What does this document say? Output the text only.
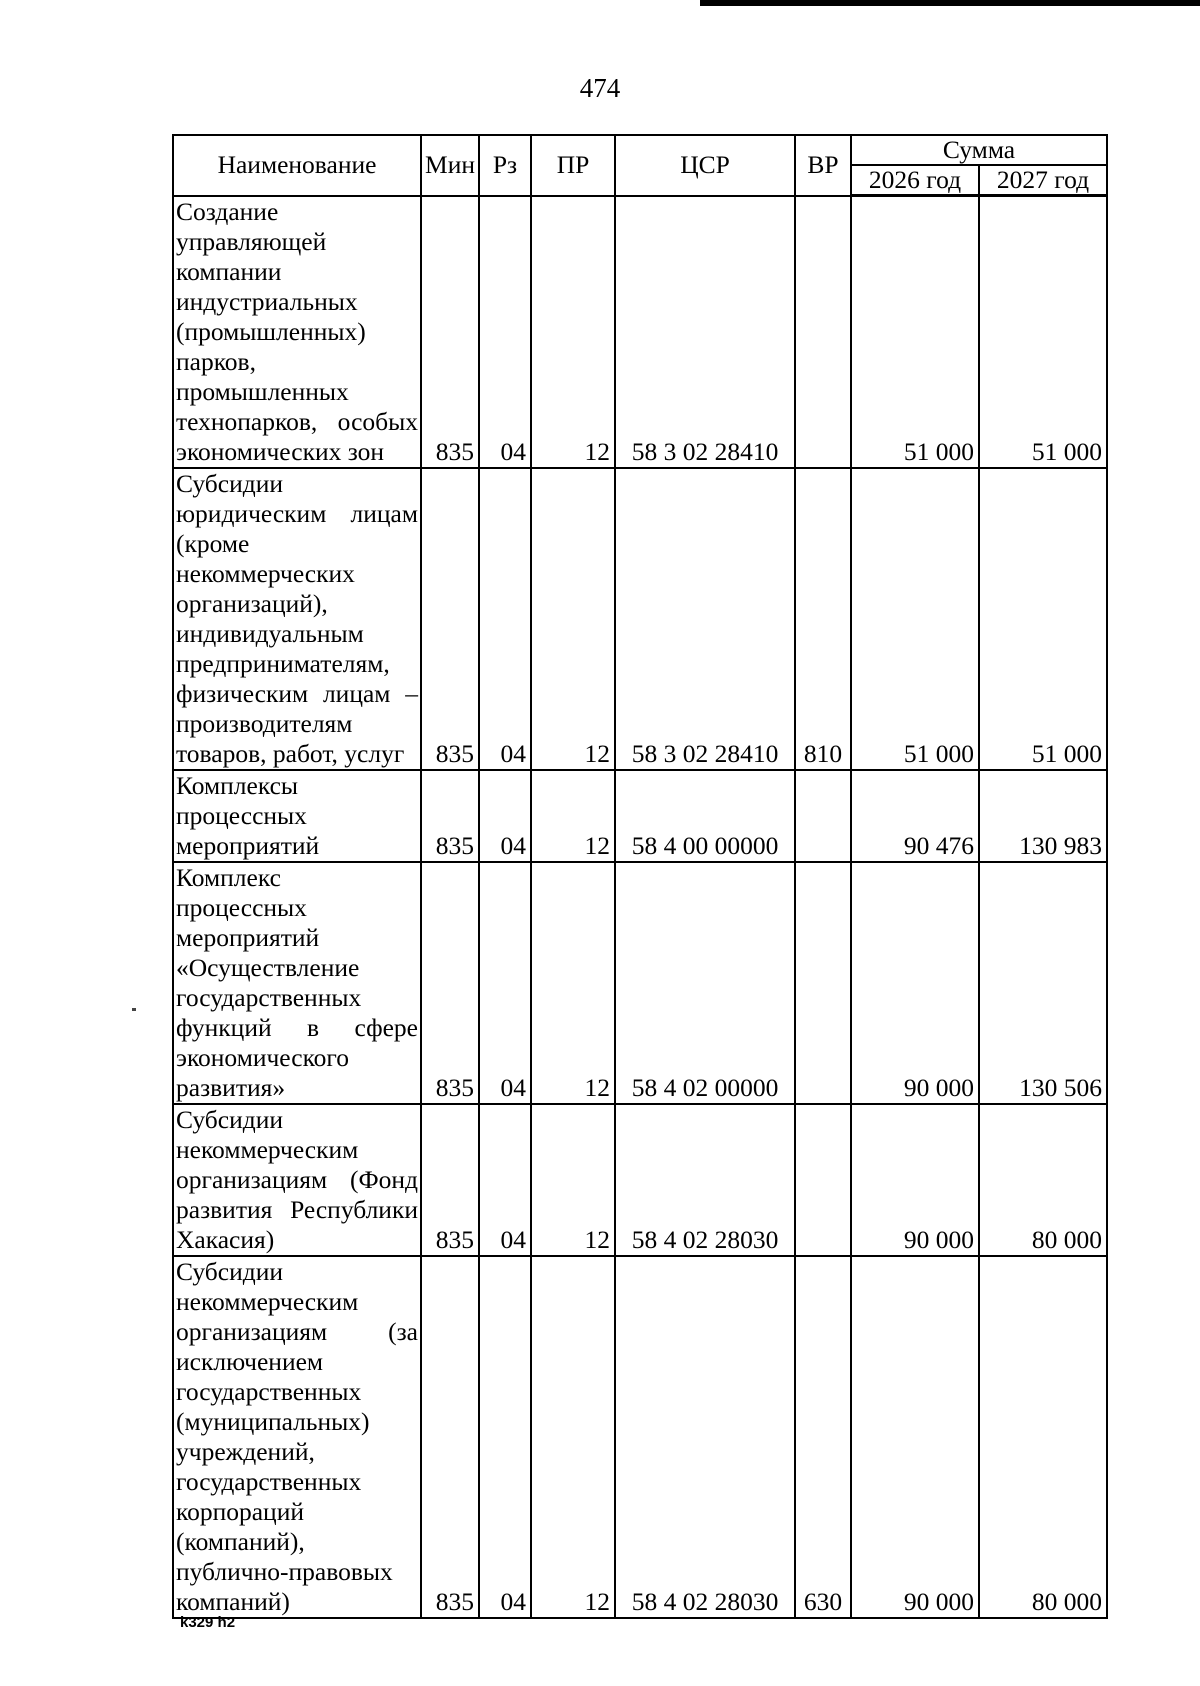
474
Наименование	Мин	Рз	ПР	ЦСР	ВР	Сумма	
						2026 год	2027 год
Создание управляющей компании индустриальных (промышленных) парков, промышленных технопарков, особых экономических зон	835	04	12	58 3 02 28410		51 000	51 000
Субсидии юридическим лицам (кроме некоммерческих организаций), индивидуальным предпринимателям, физическим лицам – производителям товаров, работ, услуг	835	04	12	58 3 02 28410	810	51 000	51 000
Комплексы процессных мероприятий	835	04	12	58 4 00 00000		90 476	130 983
Комплекс процессных мероприятий «Осуществление государственных функций в сфере экономического развития»	835	04	12	58 4 02 00000		90 000	130 506
Субсидии некоммерческим организациям (Фонд развития Республики Хакасия)	835	04	12	58 4 02 28030		90 000	80 000
Субсидии некоммерческим организациям (за исключением государственных (муниципальных) учреждений, государственных корпораций (компаний), публично-правовых компаний)	835	04	12	58 4 02 28030	630	90 000	80 000
k329 h2
